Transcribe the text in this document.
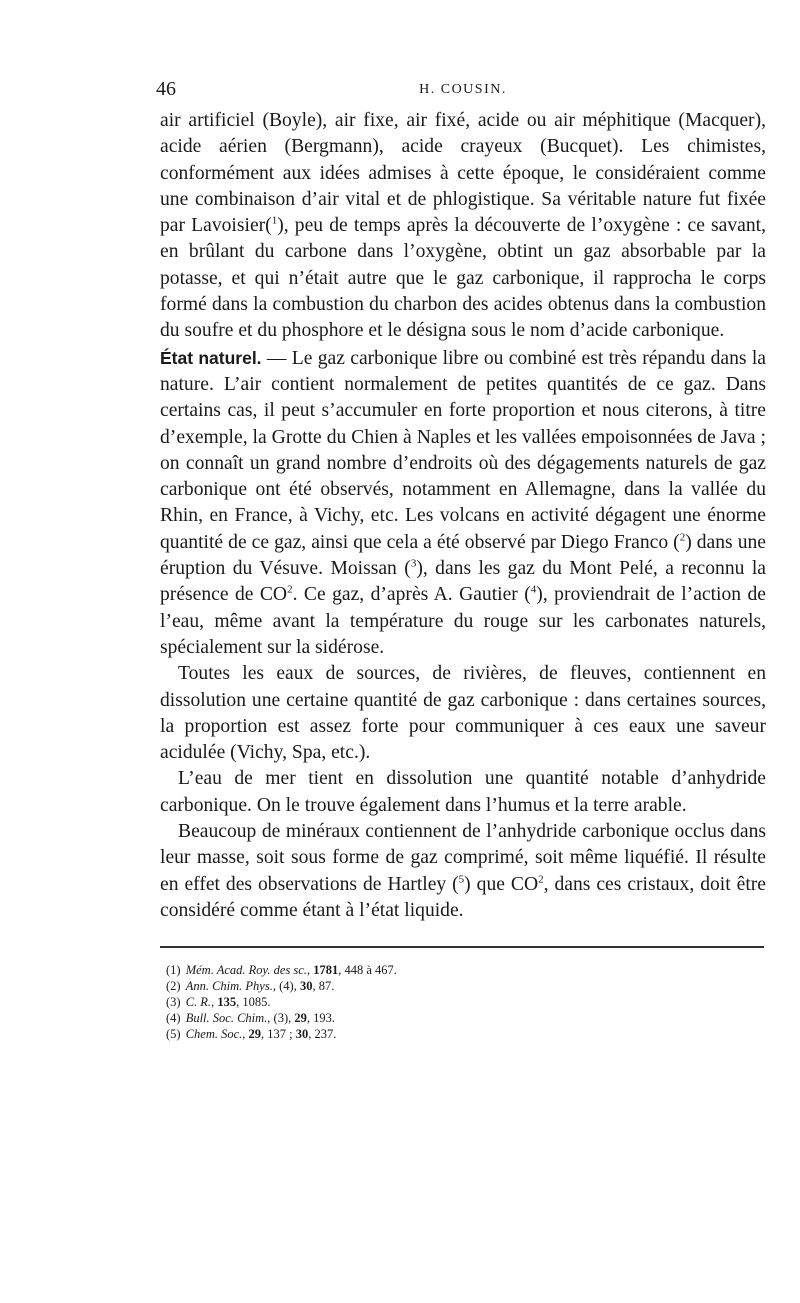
46	H. COUSIN.

air artificiel (Boyle), air fixe, air fixé, acide ou air méphitique (Macquer), acide aérien (Bergmann), acide crayeux (Bucquet). Les chimistes, conformément aux idées admises à cette époque, le considéraient comme une combinaison d’air vital et de phlogistique. Sa véritable nature fut fixée par Lavoisier($^1$), peu de temps après la découverte de l’oxygène : ce savant, en brûlant du carbone dans l’oxygène, obtint un gaz absorbable par la potasse, et qui n’était autre que le gaz carbonique, il rapprocha le corps formé dans la combustion du charbon des acides obtenus dans la combustion du soufre et du phosphore et le désigna sous le nom d’acide carbonique.

État naturel. — Le gaz carbonique libre ou combiné est très répandu dans la nature. L’air contient normalement de petites quantités de ce gaz. Dans certains cas, il peut s’accumuler en forte proportion et nous citerons, à titre d’exemple, la Grotte du Chien à Naples et les vallées empoisonnées de Java ; on connaît un grand nombre d’endroits où des dégagements naturels de gaz carbonique ont été observés, notamment en Allemagne, dans la vallée du Rhin, en France, à Vichy, etc. Les volcans en activité dégagent une énorme quantité de ce gaz, ainsi que cela a été observé par Diego Franco ($^2$) dans une éruption du Vésuve. Moissan ($^3$), dans les gaz du Mont Pelé, a reconnu la présence de $CO^2$. Ce gaz, d’après A. Gautier ($^4$), proviendrait de l’action de l’eau, même avant la température du rouge sur les carbonates naturels, spécialement sur la sidérose.

Toutes les eaux de sources, de rivières, de fleuves, contiennent en dissolution une certaine quantité de gaz carbonique : dans certaines sources, la proportion est assez forte pour communiquer à ces eaux une saveur acidulée (Vichy, Spa, etc.).

L’eau de mer tient en dissolution une quantité notable d’anhydride carbonique. On le trouve également dans l’humus et la terre arable.

Beaucoup de minéraux contiennent de l’anhydride carbonique occlus dans leur masse, soit sous forme de gaz comprimé, soit même liquéfié. Il résulte en effet des observations de Hartley ($^5$) que $CO^2$, dans ces cristaux, doit être considéré comme étant à l’état liquide.

(1) Mém. Acad. Roy. des sc., 1781, 448 à 467.
(2) Ann. Chim. Phys., (4), 30, 87.
(3) C. R., 135, 1085.
(4) Bull. Soc. Chim., (3), 29, 193.
(5) Chem. Soc., 29, 137 ; 30, 237.
